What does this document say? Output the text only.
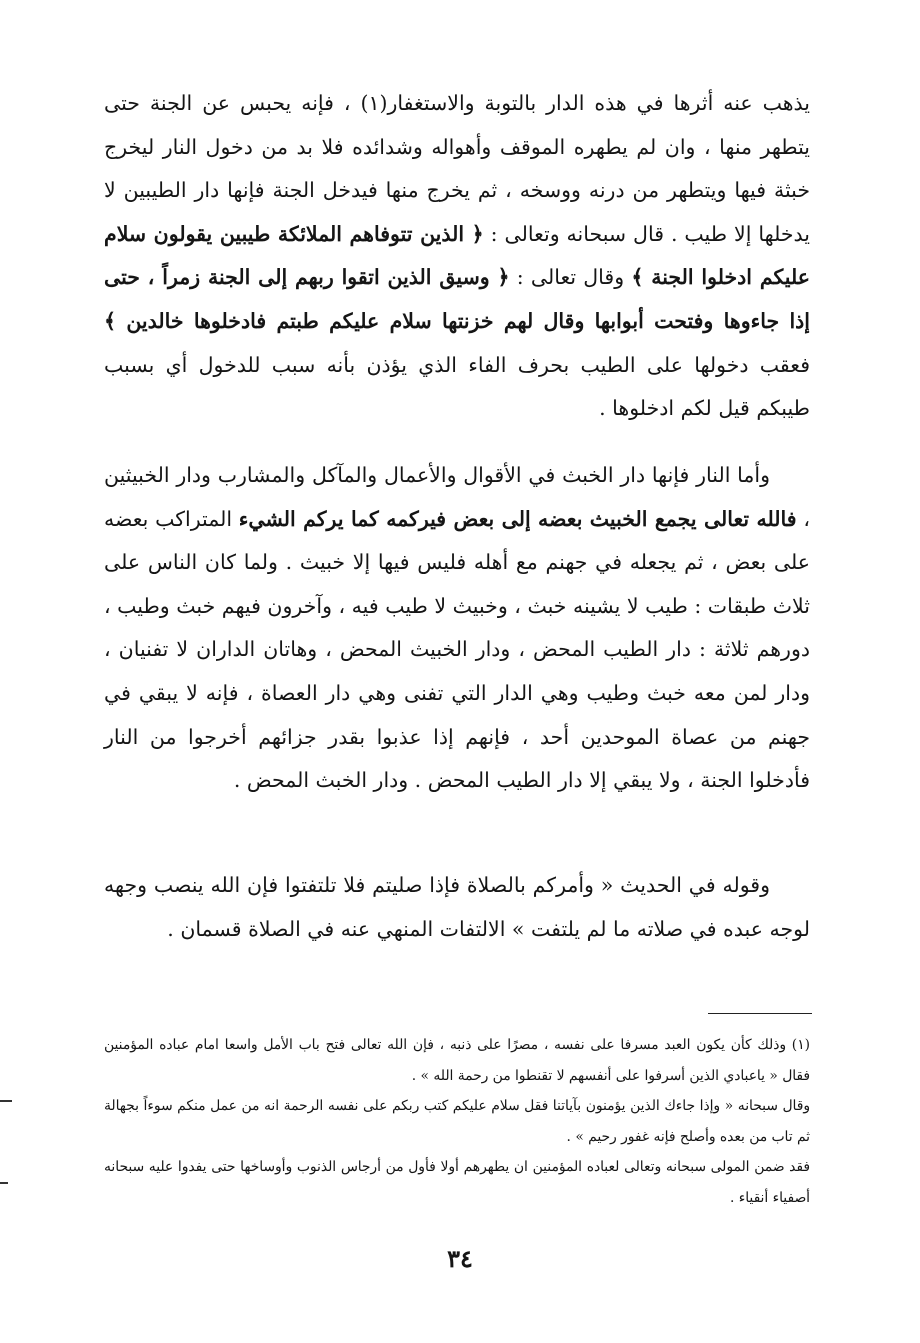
يذهب عنه أثرها في هذه الدار بالتوبة والاستغفار(١) ، فإنه يحبس عن الجنة حتى يتطهر منها ، وان لم يطهره الموقف وأهواله وشدائده فلا بد من دخول النار ليخرج خبثة فيها ويتطهر من درنه ووسخه ، ثم يخرج منها فيدخل الجنة فإنها دار الطيبين لا يدخلها إلا طيب . قال سبحانه وتعالى : ﴿ الذين تتوفاهم الملائكة طيبين يقولون سلام عليكم ادخلوا الجنة ﴾ وقال تعالى : ﴿ وسيق الذين اتقوا ربهم إلى الجنة زمراً ، حتى إذا جاءوها وفتحت أبوابها وقال لهم خزنتها سلام عليكم طبتم فادخلوها خالدين ﴾ فعقب دخولها على الطيب بحرف الفاء الذي يؤذن بأنه سبب للدخول أي بسبب طيبكم قيل لكم ادخلوها .

وأما النار فإنها دار الخبث في الأقوال والأعمال والمآكل والمشارب ودار الخبيثين ، فالله تعالى يجمع الخبيث بعضه إلى بعض فيركمه كما يركم الشيء المتراكب بعضه على بعض ، ثم يجعله في جهنم مع أهله فليس فيها إلا خبيث . ولما كان الناس على ثلاث طبقات : طيب لا يشينه خبث ، وخبيث لا طيب فيه ، وآخرون فيهم خبث وطيب ، دورهم ثلاثة : دار الطيب المحض ، ودار الخبيث المحض ، وهاتان الداران لا تفنيان ، ودار لمن معه خبث وطيب وهي الدار التي تفنى وهي دار العصاة ، فإنه لا يبقي في جهنم من عصاة الموحدين أحد ، فإنهم إذا عذبوا بقدر جزائهم أخرجوا من النار فأدخلوا الجنة ، ولا يبقي إلا دار الطيب المحض . ودار الخبث المحض .

وقوله في الحديث « وأمركم بالصلاة فإذا صليتم فلا تلتفتوا فإن الله ينصب وجهه لوجه عبده في صلاته ما لم يلتفت » الالتفات المنهي عنه في الصلاة قسمان .

(١) وذلك كأن يكون العبد مسرفا على نفسه ، مصرًا على ذنبه ، فإن الله تعالى فتح باب الأمل واسعا امام عباده المؤمنين فقال « ياعبادي الذين أسرفوا على أنفسهم لا تقنطوا من رحمة الله » .

وقال سبحانه « وإذا جاءك الذين يؤمنون بآياتنا فقل سلام عليكم كتب ربكم على نفسه الرحمة انه من عمل منكم سوءاً بجهالة ثم تاب من بعده وأصلح فإنه غفور رحيم » .

فقد ضمن المولى سبحانه وتعالى لعباده المؤمنين ان يطهرهم أولا فأول من أرجاس الذنوب وأوساخها حتى يفدوا عليه سبحانه أصفياء أنقياء .

٣٤
